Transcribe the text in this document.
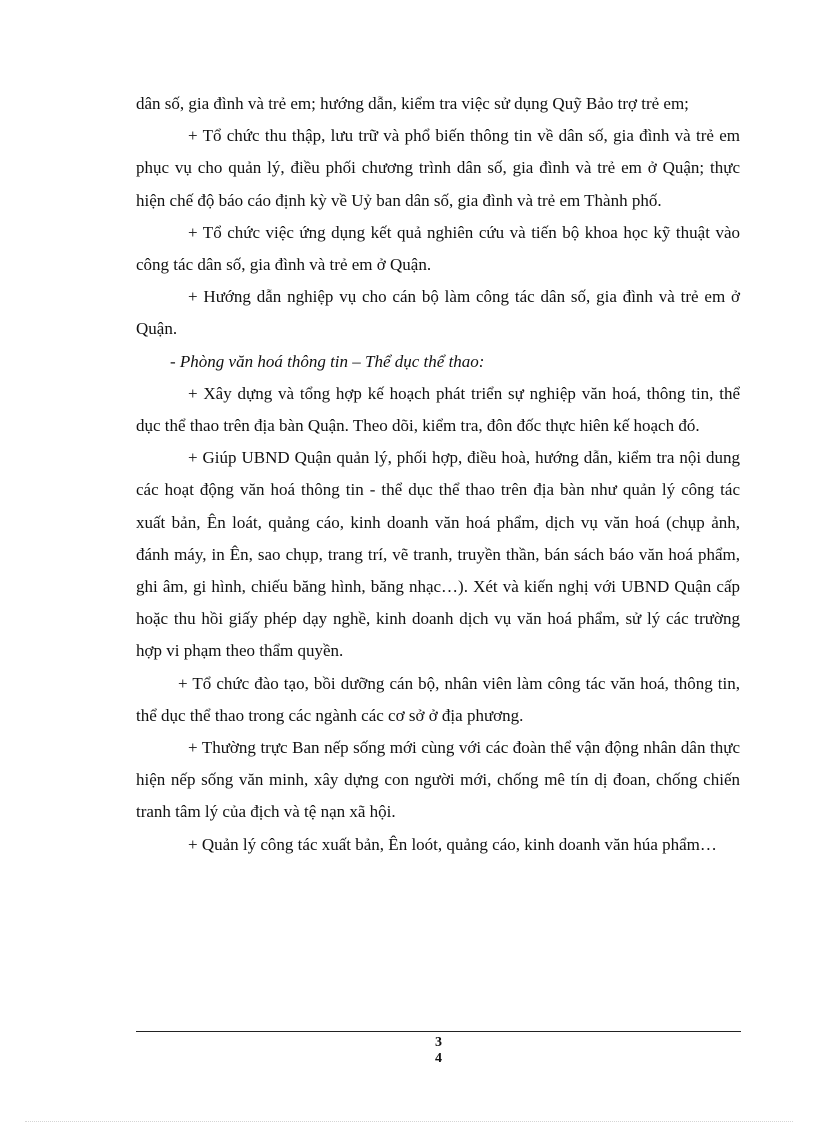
dân số, gia đình và trẻ em; hướng dẫn, kiểm tra việc sử dụng Quỹ Bảo trợ trẻ em;

+ Tổ chức thu thập, lưu trữ và phổ biến thông tin về dân số, gia đình và trẻ em phục vụ cho quản lý, điều phối chương trình dân số, gia đình và trẻ em ở Quận; thực hiện chế độ báo cáo định kỳ về Uỷ ban dân số, gia đình và trẻ em Thành phố.

+ Tổ chức việc ứng dụng kết quả nghiên cứu và tiến bộ khoa học kỹ thuật vào công tác dân số, gia đình và trẻ em ở Quận.

+ Hướng dẫn nghiệp vụ cho cán bộ làm công tác dân số, gia đình và trẻ em ở Quận.

- Phòng văn hoá thông tin – Thể dục thể thao:

+ Xây dựng và tổng hợp kế hoạch phát triển sự nghiệp văn hoá, thông tin, thể dục thể thao trên địa bàn Quận. Theo dõi, kiểm tra, đôn đốc thực hiên kế hoạch đó.

+ Giúp UBND Quận quản lý, phối hợp, điều hoà, hướng dẫn, kiểm tra nội dung các hoạt động văn hoá thông tin - thể dục thể thao trên địa bàn như quản lý công tác xuất bản, Ên loát, quảng cáo, kinh doanh văn hoá phẩm, dịch vụ văn hoá (chụp ảnh, đánh máy, in Ên, sao chụp, trang trí, vẽ tranh, truyền thần, bán sách báo văn hoá phẩm, ghi âm, gi hình, chiếu băng hình, băng nhạc…). Xét và kiến nghị với UBND Quận cấp hoặc thu hồi giấy phép dạy nghề, kinh doanh dịch vụ văn hoá phẩm, sử lý các trường hợp vi phạm theo thẩm quyền.

+ Tổ chức đào tạo, bồi dưỡng cán bộ, nhân viên làm công tác văn hoá, thông tin, thể dục thể thao trong các ngành các cơ sở ở địa phương.

+ Thường trực Ban nếp sống mới cùng với các đoàn thể vận động nhân dân thực hiện nếp sống văn minh, xây dựng con người mới, chống mê tín dị đoan, chống chiến tranh tâm lý của địch và tệ nạn xã hội.

+ Quản lý công tác xuất bản, Ên loót, quảng cáo, kinh doanh văn húa phẩm…

3
4
